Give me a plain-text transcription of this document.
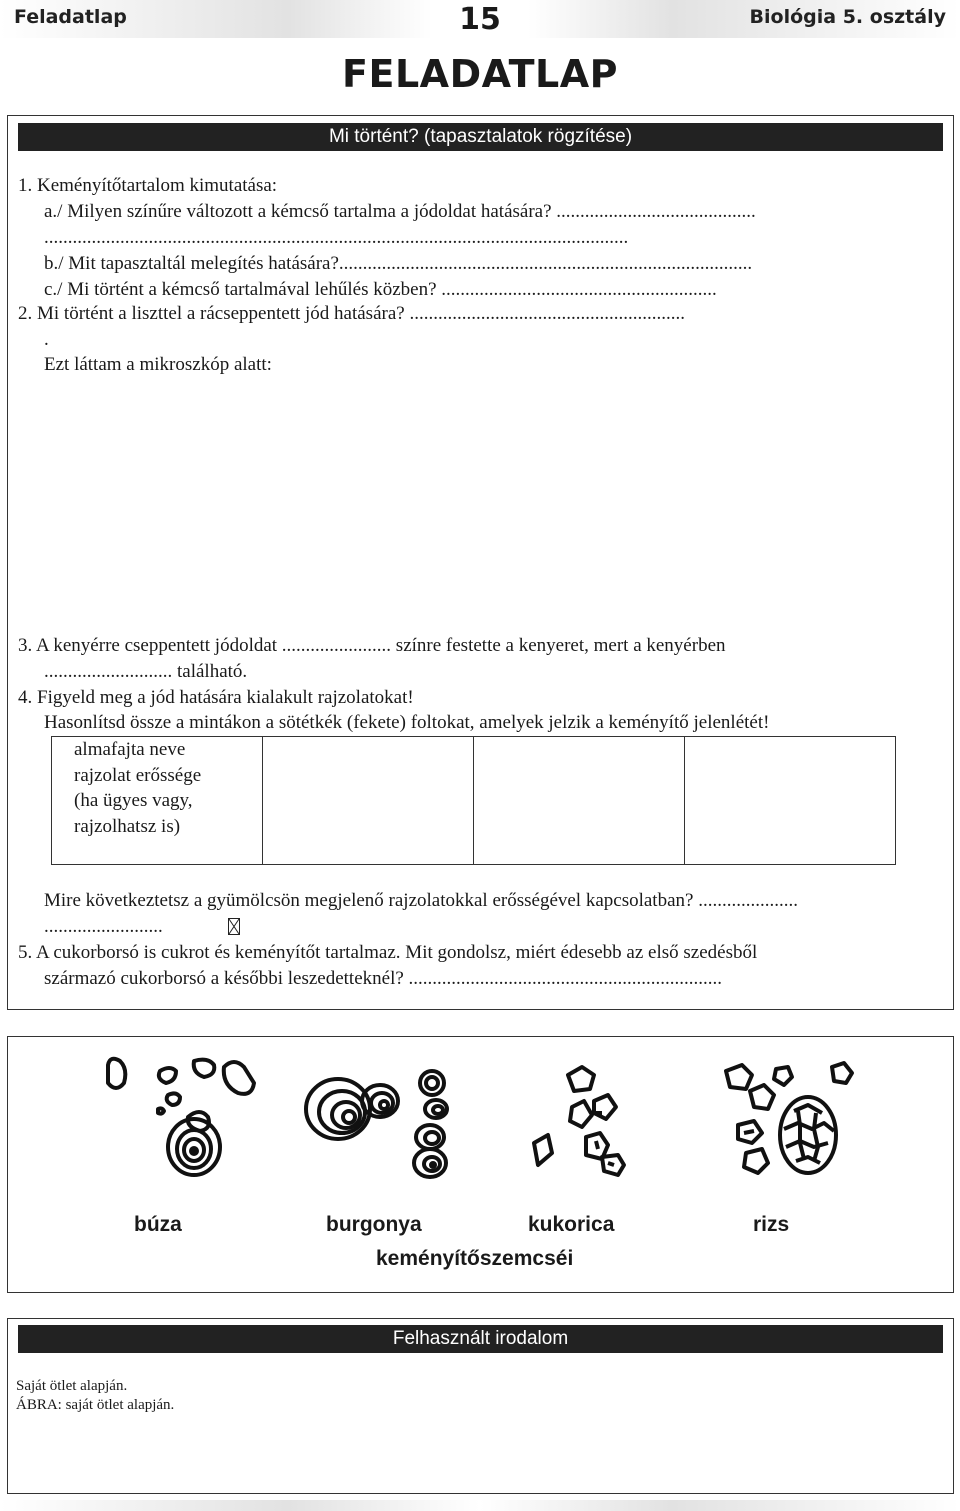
Feladatlap	15	Biológia 5. osztály
FELADATLAP
Mi történt? (tapasztalatok rögzítése)
1. Keményítőtartalom kimutatása:
a./ Milyen színűre változott a kémcső tartalma a jódoldat hatására? ..........................................
...........................................................................................................................
b./ Mit tapasztaltál melegítés hatására?.......................................................................................
c./ Mi történt a kémcső tartalmával lehűlés közben? ..........................................................
2. Mi történt a liszttel a rácseppentett jód hatására? ..........................................................
.
Ezt láttam a mikroszkóp alatt:
3. A kenyérre cseppentett jódoldat ....................... színre festette a kenyeret, mert a kenyérben
........................... található.
4. Figyeld meg a jód hatására kialakult rajzolatokat!
Hasonlítsd össze a mintákon a sötétkék (fekete) foltokat, amelyek jelzik a keményítő jelenlétét!
almafajta neve
rajzolat erőssége
(ha ügyes vagy,
rajzolhatsz is)

Mire következtetsz a gyümölcsön megjelenő rajzolatokkal erősségével kapcsolatban? .....................
.........................
5. A cukorborsó is cukrot és keményítőt tartalmaz. Mit gondolsz, miért édesebb az első szedésből
származó cukorborsó a későbbi leszedetteknél? ..................................................................
búza	burgonya	kukorica	rizs
keményítőszemcséi
Felhasznált irodalom
Saját ötlet alapján.
ÁBRA: saját ötlet alapján.
